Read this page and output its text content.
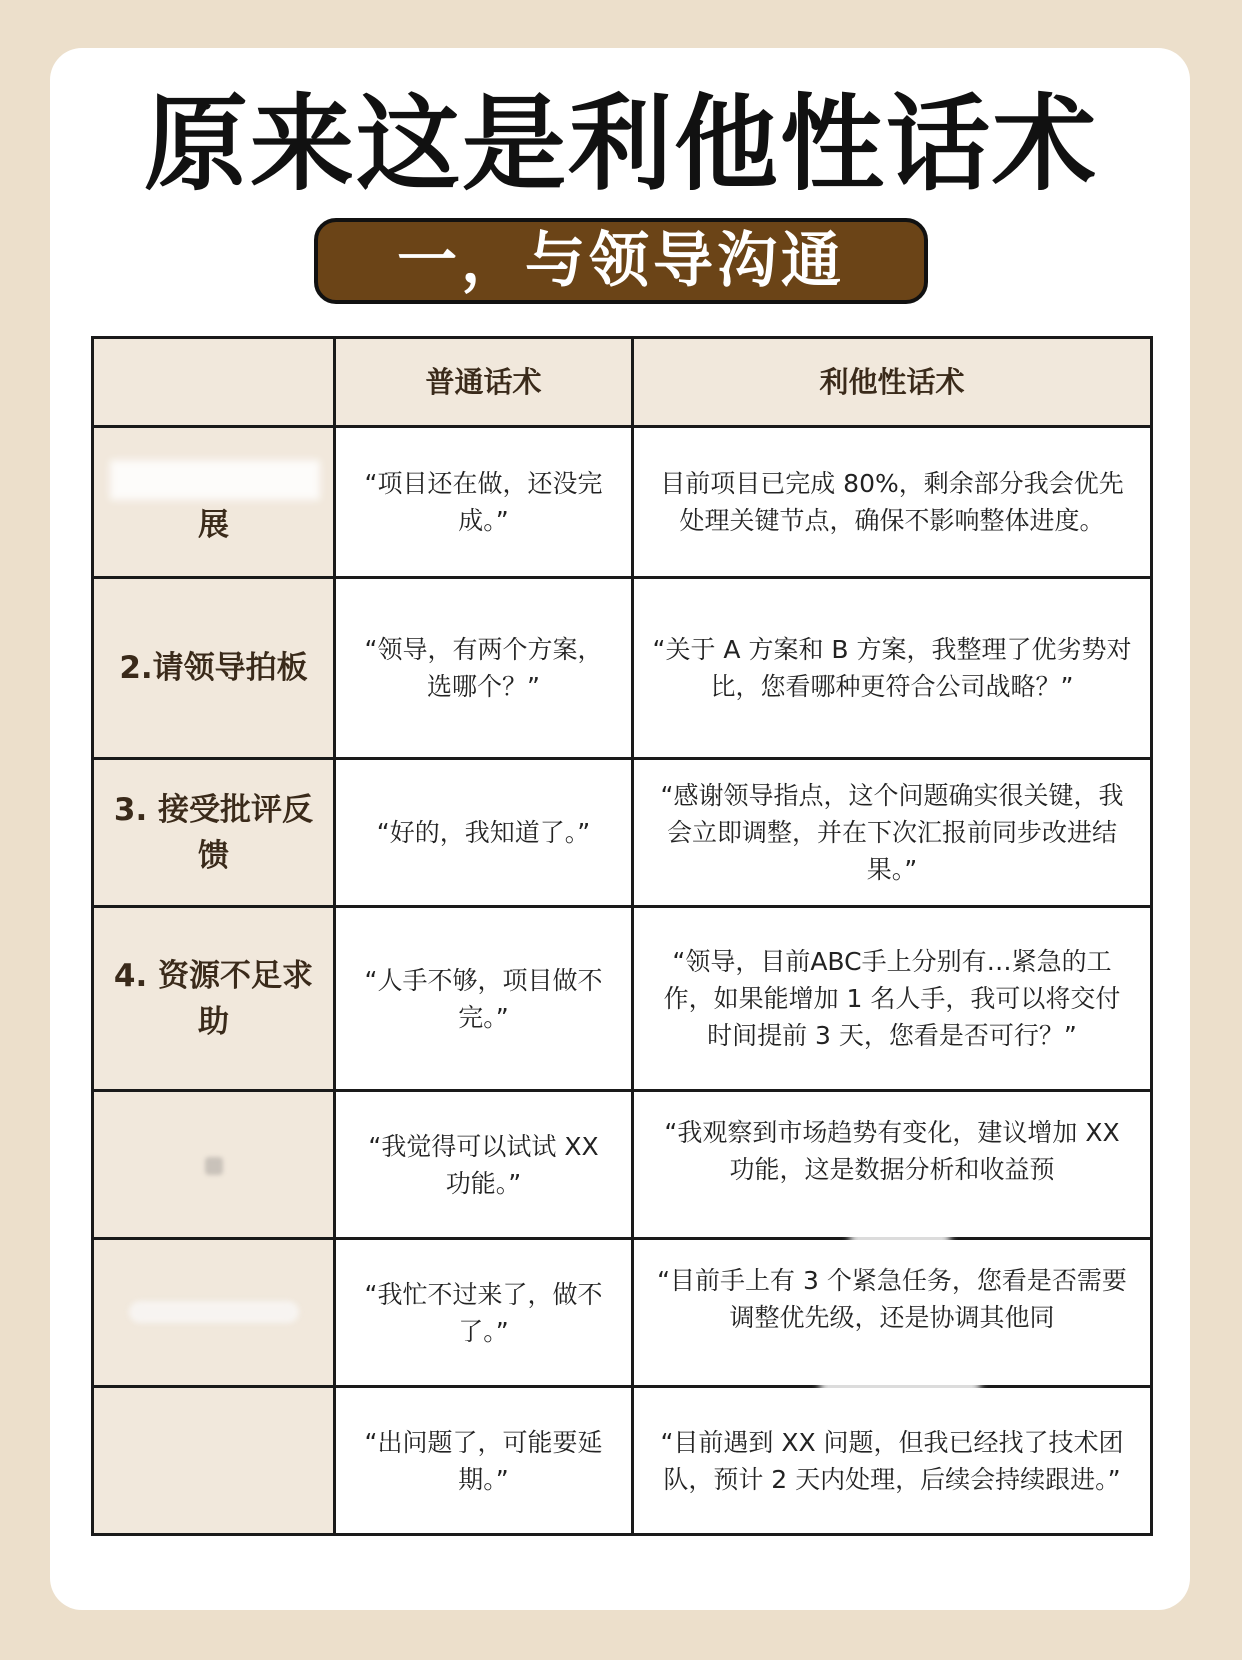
原来这是利他性话术
一，与领导沟通
	普通话术	利他性话术
展	“项目还在做，还没完成。”	目前项目已完成 80%，剩余部分我会优先处理关键节点，确保不影响整体进度。
2.请领导拍板	“领导，有两个方案，选哪个？”	“关于 A 方案和 B 方案，我整理了优劣势对比，您看哪种更符合公司战略？”
3. 接受批评反馈	“好的，我知道了。”	“感谢领导指点，这个问题确实很关键，我会立即调整，并在下次汇报前同步改进结果。”
4. 资源不足求助	“人手不够，项目做不完。”	“领导，目前ABC手上分别有…紧急的工作，如果能增加 1 名人手，我可以将交付时间提前 3 天，您看是否可行？”
	“我觉得可以试试 XX 功能。”	“我观察到市场趋势有变化，建议增加 XX 功能，这是数据分析和收益预
	“我忙不过来了，做不了。”	“目前手上有 3 个紧急任务，您看是否需要调整优先级，还是协调其他同
	“出问题了，可能要延期。”	“目前遇到 XX 问题，但我已经找了技术团队，预计 2 天内处理，后续会持续跟进。”
